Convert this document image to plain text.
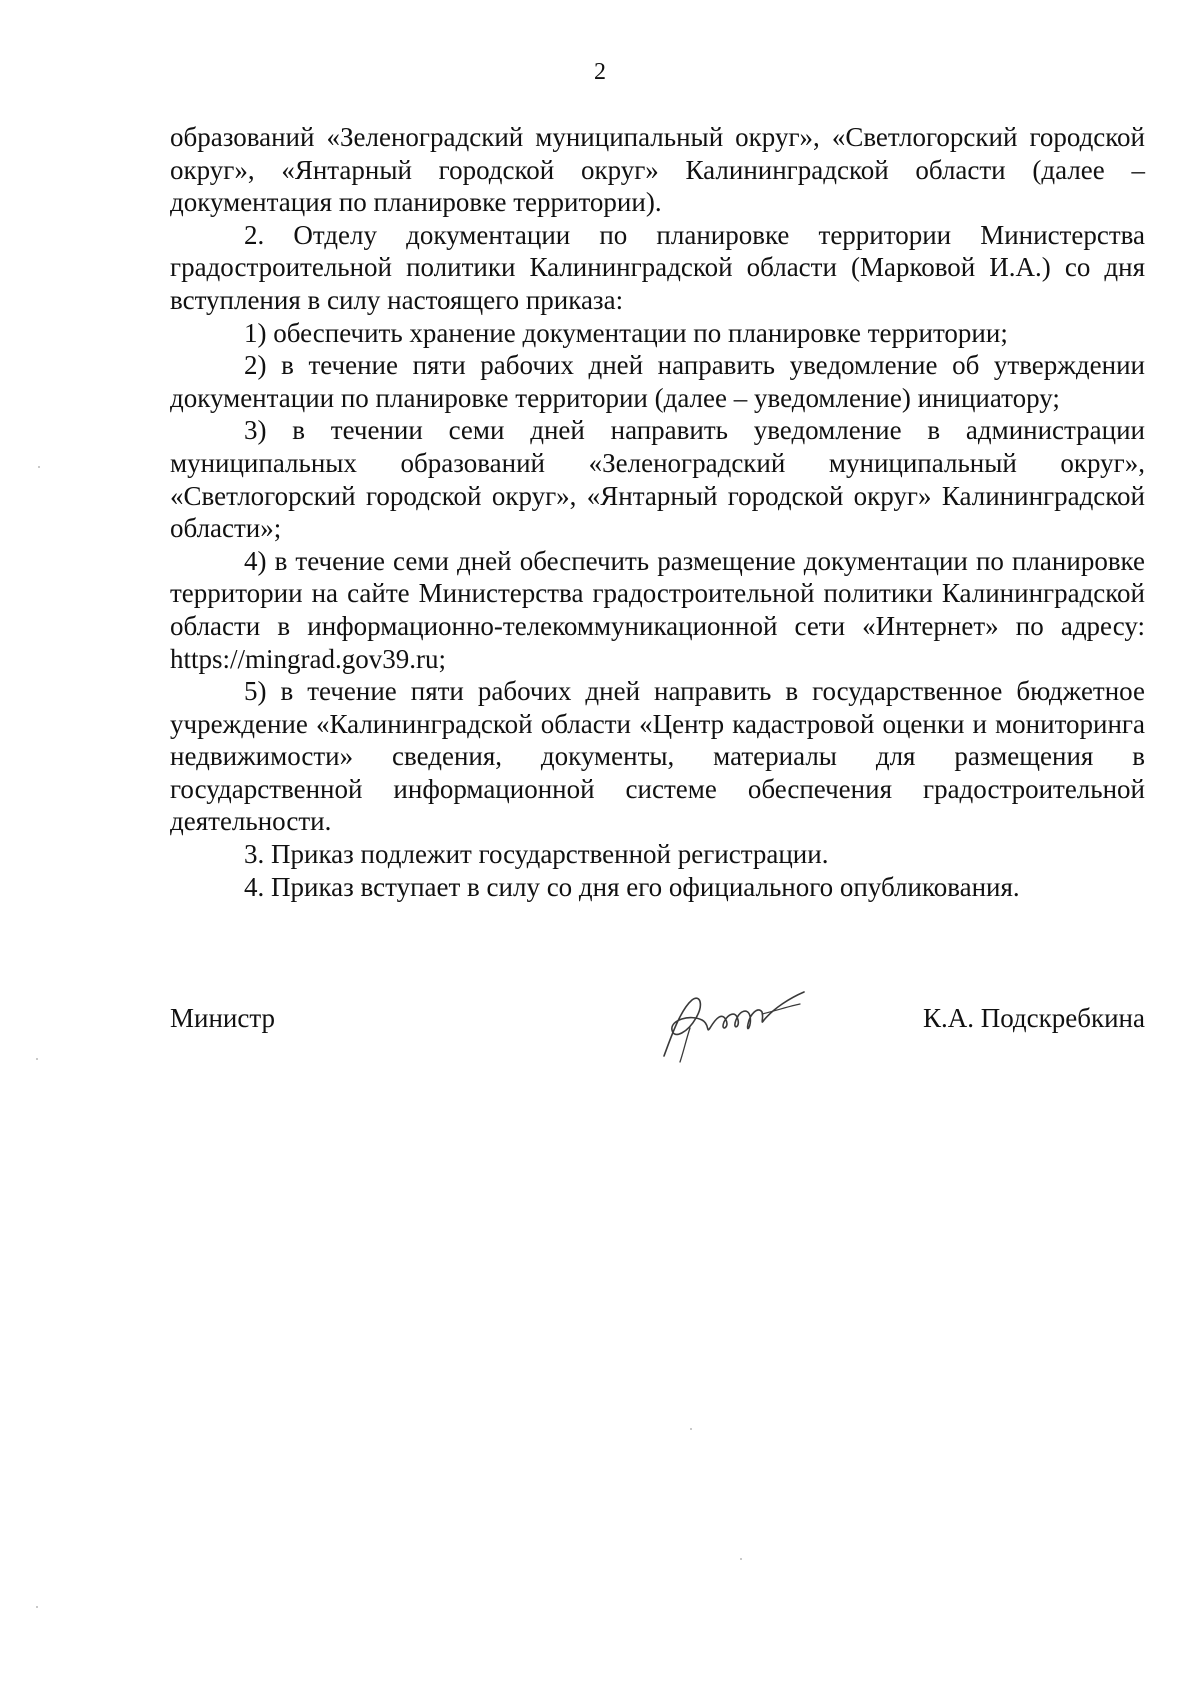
2

образований «Зеленоградский муниципальный округ», «Светлогорский городской округ», «Янтарный городской округ» Калининградской области (далее – документация по планировке территории).

2. Отделу документации по планировке территории Министерства градостроительной политики Калининградской области (Марковой И.А.) со дня вступления в силу настоящего приказа:

1) обеспечить хранение документации по планировке территории;

2) в течение пяти рабочих дней направить уведомление об утверждении документации по планировке территории (далее – уведомление) инициатору;

3) в течении семи дней направить уведомление в администрации муниципальных образований «Зеленоградский муниципальный округ», «Светлогорский городской округ», «Янтарный городской округ» Калининградской области»;

4) в течение семи дней обеспечить размещение документации по планировке территории на сайте Министерства градостроительной политики Калининградской области в информационно-телекоммуникационной сети «Интернет» по адресу: https://mingrad.gov39.ru;

5) в течение пяти рабочих дней направить в государственное бюджетное учреждение «Калининградской области «Центр кадастровой оценки и мониторинга недвижимости» сведения, документы, материалы для размещения в государственной информационной системе обеспечения градостроительной деятельности.

3. Приказ подлежит государственной регистрации.

4. Приказ вступает в силу со дня его официального опубликования.

Министр	К.А. Подскребкина
